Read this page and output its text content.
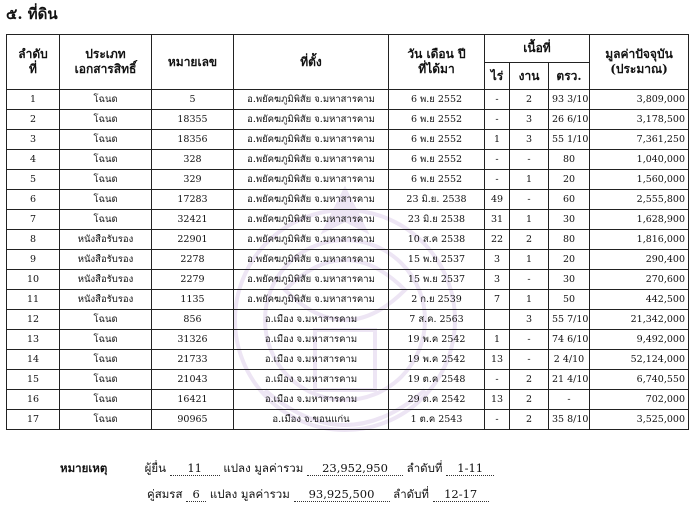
๕. ที่ดิน
ลำดับ
ที่	ประเภท
เอกสารสิทธิ์	หมายเลข	ที่ตั้ง	วัน เดือน ปี
ที่ได้มา	เนื้อที่			มูลค่าปัจจุบัน
(ประมาณ)
					ไร่	งาน	ตรว.	
1	โฉนด	5	อ.พยัคฆภูมิพิสัย จ.มหาสารคาม	6 พ.ย 2552	-	2	93 3/10	3,809,000
2	โฉนด	18355	อ.พยัคฆภูมิพิสัย จ.มหาสารคาม	6 พ.ย 2552	-	3	26 6/10	3,178,500
3	โฉนด	18356	อ.พยัคฆภูมิพิสัย จ.มหาสารคาม	6 พ.ย 2552	1	3	55 1/10	7,361,250
4	โฉนด	328	อ.พยัคฆภูมิพิสัย จ.มหาสารคาม	6 พ.ย 2552	-	-	80	1,040,000
5	โฉนด	329	อ.พยัคฆภูมิพิสัย จ.มหาสารคาม	6 พ.ย 2552	-	1	20	1,560,000
6	โฉนด	17283	อ.พยัคฆภูมิพิสัย จ.มหาสารคาม	23 มิ.ย. 2538	49	-	60	2,555,800
7	โฉนด	32421	อ.พยัคฆภูมิพิสัย จ.มหาสารคาม	23 มิ.ย 2538	31	1	30	1,628,900
8	หนังสือรับรอง	22901	อ.พยัคฆภูมิพิสัย จ.มหาสารคาม	10 ส.ค 2538	22	2	80	1,816,000
9	หนังสือรับรอง	2278	อ.พยัคฆภูมิพิสัย จ.มหาสารคาม	15 พ.ย 2537	3	1	20	290,400
10	หนังสือรับรอง	2279	อ.พยัคฆภูมิพิสัย จ.มหาสารคาม	15 พ.ย 2537	3	-	30	270,600
11	หนังสือรับรอง	1135	อ.พยัคฆภูมิพิสัย จ.มหาสารคาม	2 ก.ย 2539	7	1	50	442,500
12	โฉนด	856	อ.เมือง จ.มหาสารคาม	7 ส.ค. 2563		3	55 7/10	21,342,000
13	โฉนด	31326	อ.เมือง จ.มหาสารคาม	19 พ.ค 2542	1	-	74 6/10	9,492,000
14	โฉนด	21733	อ.เมือง จ.มหาสารคาม	19 พ.ค 2542	13	-	2 4/10	52,124,000
15	โฉนด	21043	อ.เมือง จ.มหาสารคาม	19 ต.ค 2548	-	2	21 4/10	6,740,550
16	โฉนด	16421	อ.เมือง จ.มหาสารคาม	29 ต.ค 2542	13	2	-	702,000
17	โฉนด	90965	อ.เมือง จ.ขอนแก่น	1 ต.ค 2543	-	2	35 8/10	3,525,000
หมายเหตุ	ผู้ยื่น 11 แปลง มูลค่ารวม 23,952,950 ลำดับที่ 1-11
คู่สมรส 6 แปลง มูลค่ารวม 93,925,500 ลำดับที่ 12-17
